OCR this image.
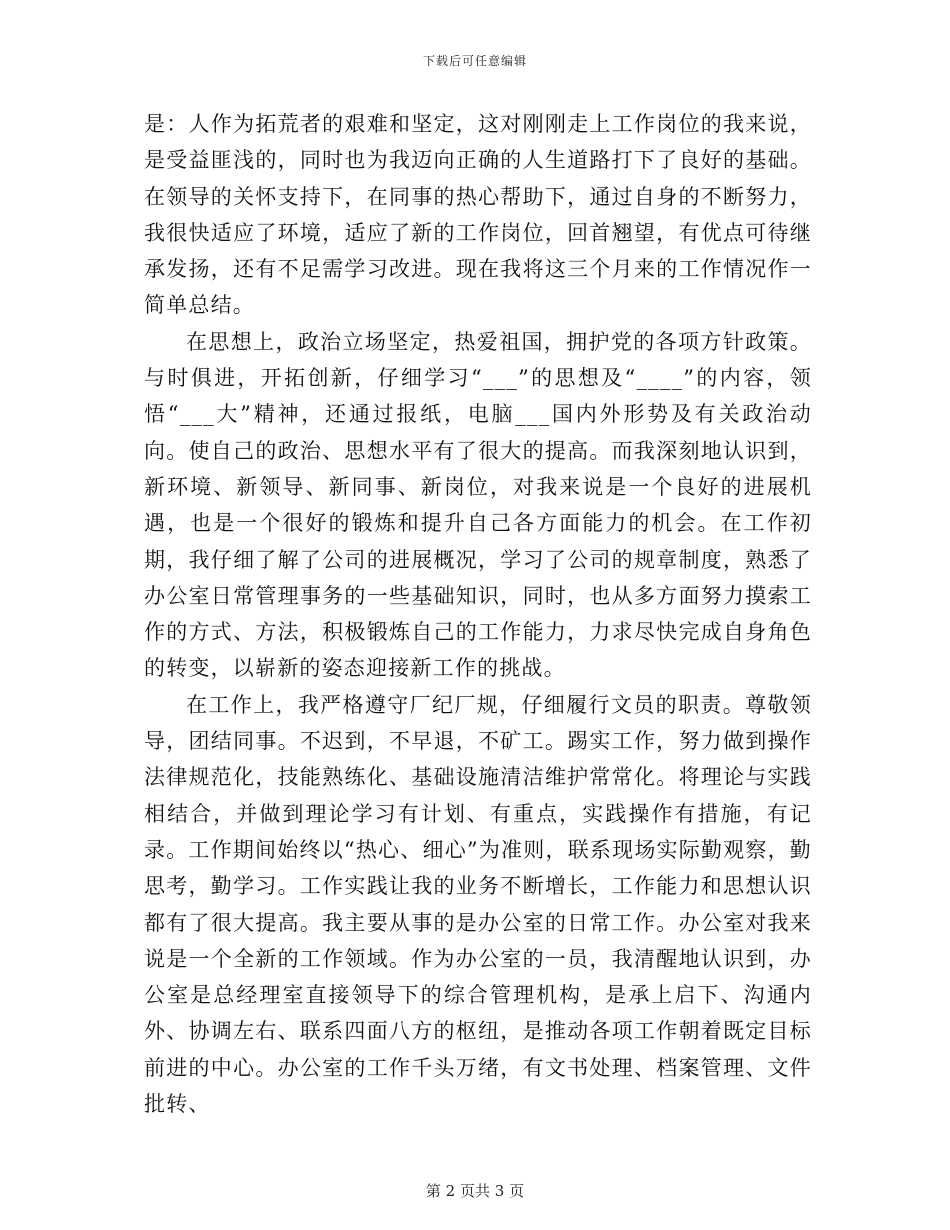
下载后可任意编辑

是：人作为拓荒者的艰难和坚定，这对刚刚走上工作岗位的我来说，是受益匪浅的，同时也为我迈向正确的人生道路打下了良好的基础。在领导的关怀支持下，在同事的热心帮助下，通过自身的不断努力，我很快适应了环境，适应了新的工作岗位，回首翘望，有优点可待继承发扬，还有不足需学习改进。现在我将这三个月来的工作情况作一简单总结。

在思想上，政治立场坚定，热爱祖国，拥护党的各项方针政策。与时俱进，开拓创新，仔细学习“___”的思想及“____”的内容，领悟“___大”精神，还通过报纸，电脑___国内外形势及有关政治动向。使自己的政治、思想水平有了很大的提高。而我深刻地认识到，新环境、新领导、新同事、新岗位，对我来说是一个良好的进展机遇，也是一个很好的锻炼和提升自己各方面能力的机会。在工作初期，我仔细了解了公司的进展概况，学习了公司的规章制度，熟悉了办公室日常管理事务的一些基础知识，同时，也从多方面努力摸索工作的方式、方法，积极锻炼自己的工作能力，力求尽快完成自身角色的转变，以崭新的姿态迎接新工作的挑战。

在工作上，我严格遵守厂纪厂规，仔细履行文员的职责。尊敬领导，团结同事。不迟到，不早退，不矿工。踢实工作，努力做到操作法律规范化，技能熟练化、基础设施清洁维护常常化。将理论与实践相结合，并做到理论学习有计划、有重点，实践操作有措施，有记录。工作期间始终以“热心、细心”为准则，联系现场实际勤观察，勤思考，勤学习。工作实践让我的业务不断增长，工作能力和思想认识都有了很大提高。我主要从事的是办公室的日常工作。办公室对我来说是一个全新的工作领域。作为办公室的一员，我清醒地认识到，办公室是总经理室直接领导下的综合管理机构，是承上启下、沟通内外、协调左右、联系四面八方的枢纽，是推动各项工作朝着既定目标前进的中心。办公室的工作千头万绪，有文书处理、档案管理、文件批转、

第 2 页共 3 页
